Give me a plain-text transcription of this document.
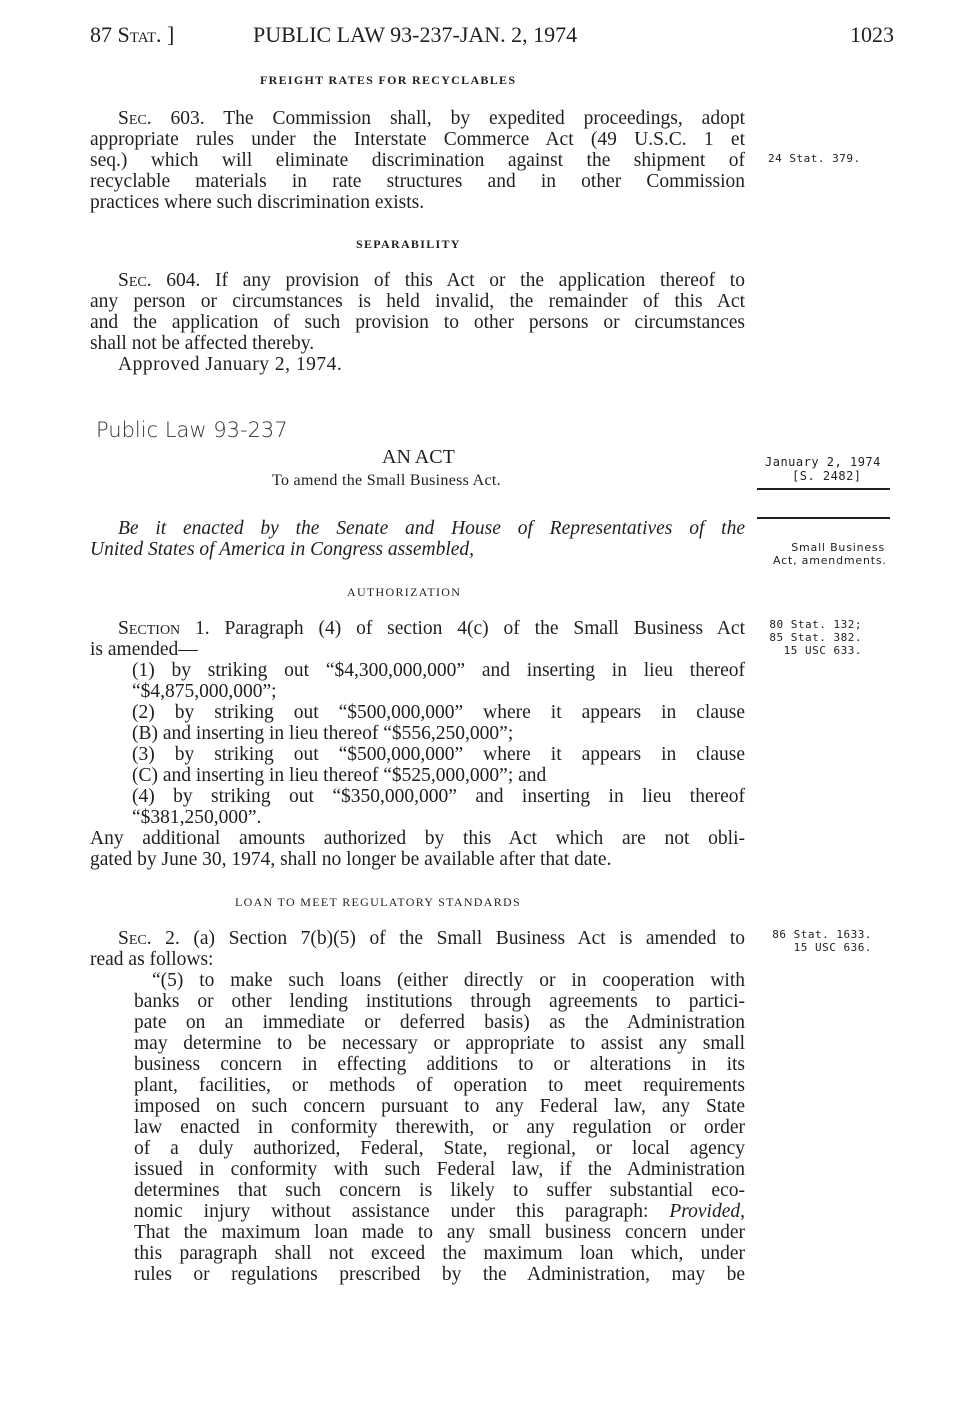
87 Stat. ]	PUBLIC LAW 93-237-JAN. 2, 1974	1023
FREIGHT RATES FOR RECYCLABLES
Sec. 603. The Commission shall, by expedited proceedings, adopt
appropriate rules under the Interstate Commerce Act (49 U.S.C. 1 et
seq.) which will eliminate discrimination against the shipment of
recyclable materials in rate structures and in other Commission
practices where such discrimination exists.
24 Stat. 379.
SEPARABILITY
Sec. 604. If any provision of this Act or the application thereof to
any person or circumstances is held invalid, the remainder of this Act
and the application of such provision to other persons or circumstances
shall not be affected thereby.
Approved January 2, 1974.
Public Law 93-237
AN ACT
To amend the Small Business Act.
January 2, 1974
[S. 2482]
Be it enacted by the Senate and House of Representatives of the
United States of America in Congress assembled,	Small Business
Act, amendments.
AUTHORIZATION
Section 1. Paragraph (4) of section 4(c) of the Small Business Act
is amended—
(1) by striking out “$4,300,000,000” and inserting in lieu thereof
“$4,875,000,000”;
(2) by striking out “$500,000,000” where it appears in clause
(B) and inserting in lieu thereof “$556,250,000”;
(3) by striking out “$500,000,000” where it appears in clause
(C) and inserting in lieu thereof “$525,000,000”; and
(4) by striking out “$350,000,000” and inserting in lieu thereof
“$381,250,000”.
Any additional amounts authorized by this Act which are not obli-
gated by June 30, 1974, shall no longer be available after that date.
80 Stat. 132;
85 Stat. 382.
15 USC 633.
LOAN TO MEET REGULATORY STANDARDS
Sec. 2. (a) Section 7(b)(5) of the Small Business Act is amended to
read as follows:
“(5) to make such loans (either directly or in cooperation with
banks or other lending institutions through agreements to partici-
pate on an immediate or deferred basis) as the Administration
may determine to be necessary or appropriate to assist any small
business concern in effecting additions to or alterations in its
plant, facilities, or methods of operation to meet requirements
imposed on such concern pursuant to any Federal law, any State
law enacted in conformity therewith, or any regulation or order
of a duly authorized, Federal, State, regional, or local agency
issued in conformity with such Federal law, if the Administration
determines that such concern is likely to suffer substantial eco-
nomic injury without assistance under this paragraph: Provided,
That the maximum loan made to any small business concern under
this paragraph shall not exceed the maximum loan which, under
rules or regulations prescribed by the Administration, may be
86 Stat. 1633.
15 USC 636.
